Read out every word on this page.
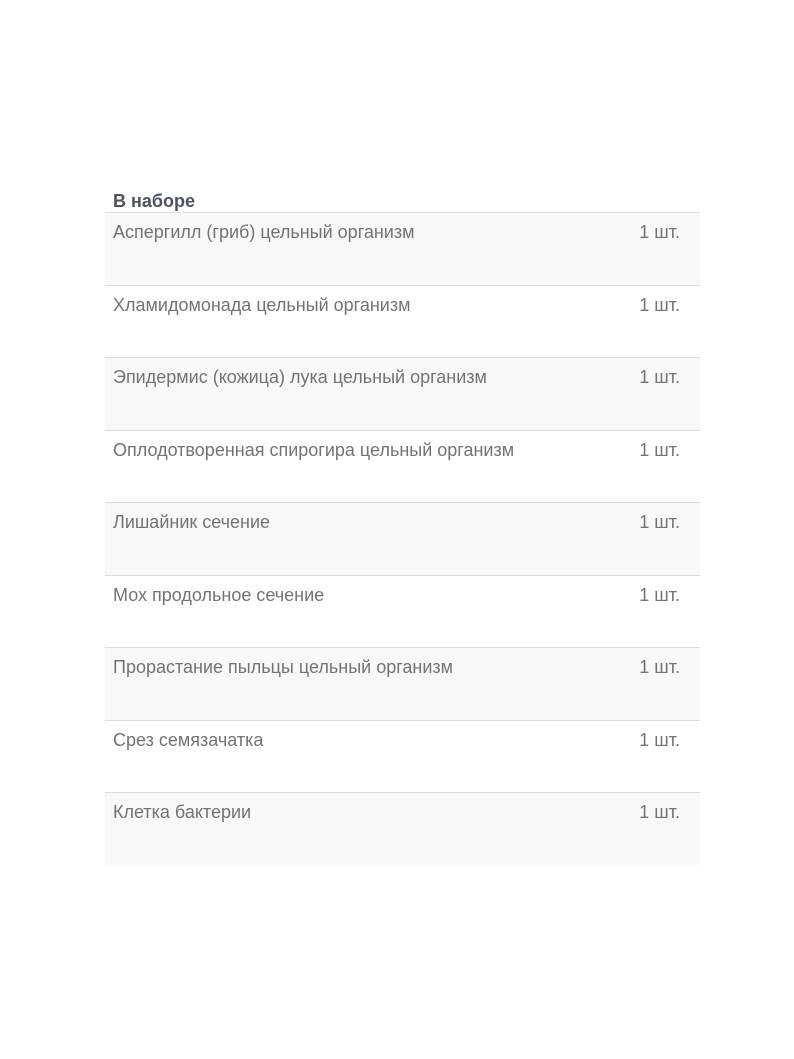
В наборе
Аспергилл (гриб) цельный организм	1 шт.
Хламидомонада цельный организм	1 шт.
Эпидермис (кожица) лука цельный организм	1 шт.
Оплодотворенная спирогира цельный организм	1 шт.
Лишайник сечение	1 шт.
Мох продольное сечение	1 шт.
Прорастание пыльцы цельный организм	1 шт.
Срез семязачатка	1 шт.
Клетка бактерии	1 шт.
